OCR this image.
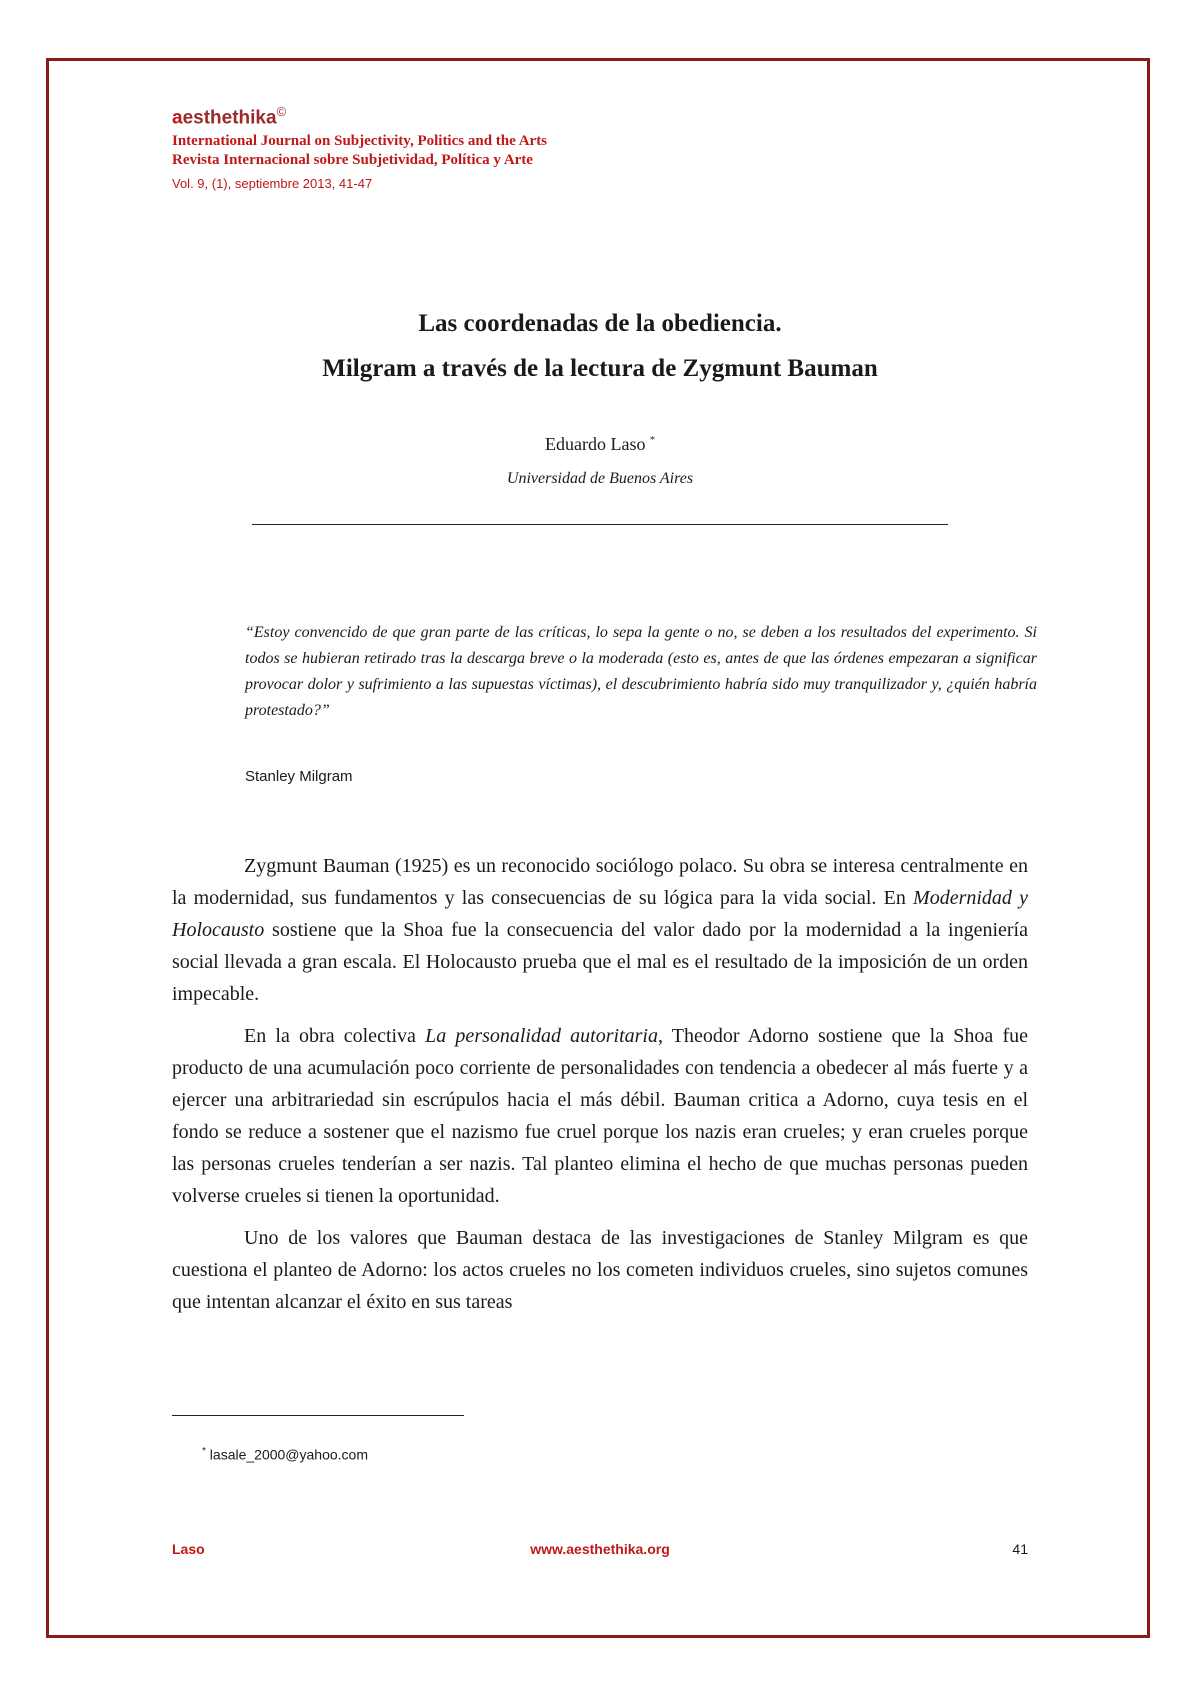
aesthethika©
International Journal on Subjectivity, Politics and the Arts
Revista Internacional sobre Subjetividad, Política y Arte
Vol. 9, (1), septiembre 2013, 41-47
Las coordenadas de la obediencia.
Milgram a través de la lectura de Zygmunt Bauman
Eduardo Laso *
Universidad de Buenos Aires
“Estoy convencido de que gran parte de las críticas, lo sepa la gente o no, se deben a los resultados del experimento. Si todos se hubieran retirado tras la descarga breve o la moderada (esto es, antes de que las órdenes empezaran a significar provocar dolor y sufrimiento a las supuestas víctimas), el descubrimiento habría sido muy tranquilizador y, ¿quién habría protestado?”
Stanley Milgram

Zygmunt Bauman (1925) es un reconocido sociólogo polaco. Su obra se interesa centralmente en la modernidad, sus fundamentos y las consecuencias de su lógica para la vida social. En Modernidad y Holocausto sostiene que la Shoa fue la consecuencia del valor dado por la modernidad a la ingeniería social llevada a gran escala. El Holocausto prueba que el mal es el resultado de la imposición de un orden impecable.

En la obra colectiva La personalidad autoritaria, Theodor Adorno sostiene que la Shoa fue producto de una acumulación poco corriente de personalidades con tendencia a obedecer al más fuerte y a ejercer una arbitrariedad sin escrúpulos hacia el más débil. Bauman critica a Adorno, cuya tesis en el fondo se reduce a sostener que el nazismo fue cruel porque los nazis eran crueles; y eran crueles porque las personas crueles tenderían a ser nazis. Tal planteo elimina el hecho de que muchas personas pueden volverse crueles si tienen la oportunidad.

Uno de los valores que Bauman destaca de las investigaciones de Stanley Milgram es que cuestiona el planteo de Adorno: los actos crueles no los cometen individuos crueles, sino sujetos comunes que intentan alcanzar el éxito en sus tareas

* lasale_2000@yahoo.com
Laso	www.aesthethika.org	41
